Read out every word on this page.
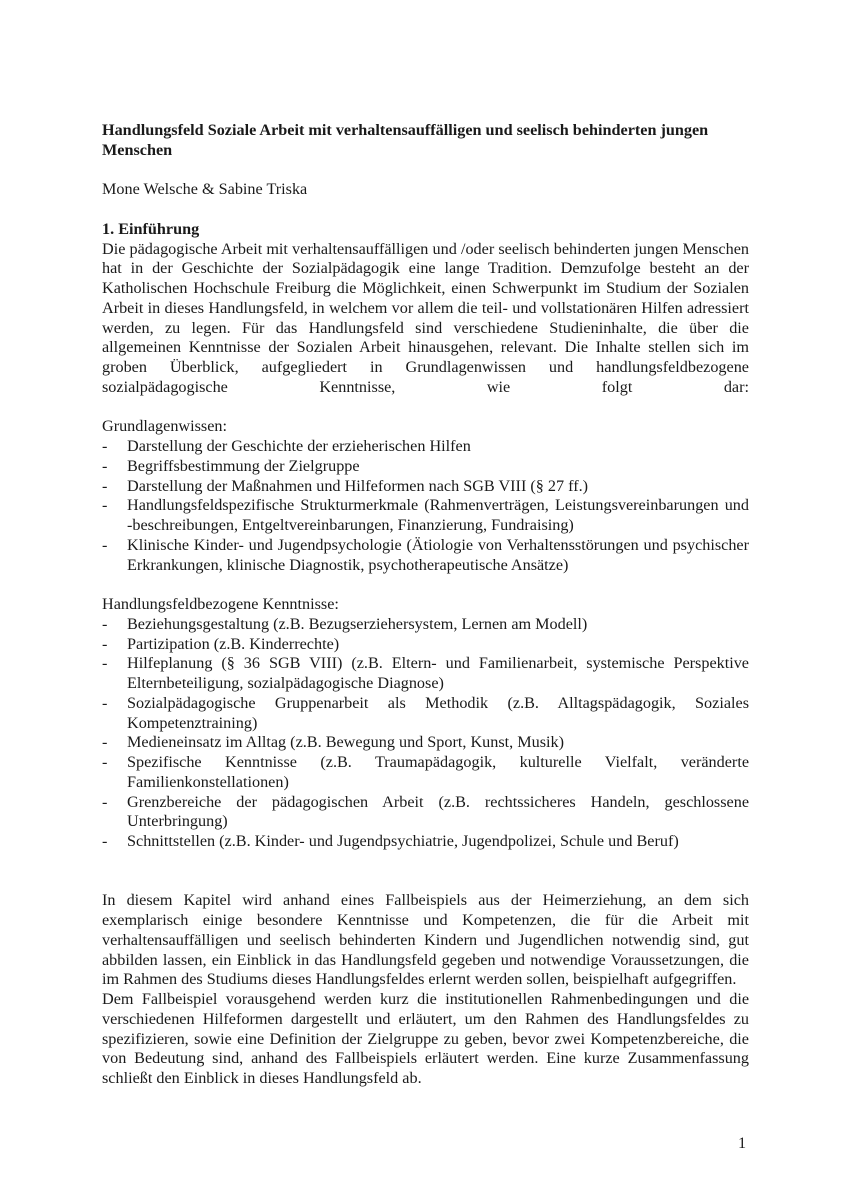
Handlungsfeld Soziale Arbeit mit verhaltensauffälligen und seelisch behinderten jungen Menschen

Mone Welsche & Sabine Triska

1. Einführung

Die pädagogische Arbeit mit verhaltensauffälligen und /oder seelisch behinderten jungen Menschen hat in der Geschichte der Sozialpädagogik eine lange Tradition. Demzufolge besteht an der Katholischen Hochschule Freiburg die Möglichkeit, einen Schwerpunkt im Studium der Sozialen Arbeit in dieses Handlungsfeld, in welchem vor allem die teil- und vollstationären Hilfen adressiert werden, zu legen. Für das Handlungsfeld sind verschiedene Studieninhalte, die über die allgemeinen Kenntnisse der Sozialen Arbeit hinausgehen, relevant. Die Inhalte stellen sich im groben Überblick, aufgegliedert in Grundlagenwissen und handlungsfeldbezogene sozialpädagogische Kenntnisse, wie folgt dar:

Grundlagenwissen:

- Darstellung der Geschichte der erzieherischen Hilfen
- Begriffsbestimmung der Zielgruppe
- Darstellung der Maßnahmen und Hilfeformen nach SGB VIII (§ 27 ff.)
- Handlungsfeldspezifische Strukturmerkmale (Rahmenverträgen, Leistungsvereinbarungen und -beschreibungen, Entgeltvereinbarungen, Finanzierung, Fundraising)
- Klinische Kinder- und Jugendpsychologie (Ätiologie von Verhaltensstörungen und psychischer Erkrankungen, klinische Diagnostik, psychotherapeutische Ansätze)

Handlungsfeldbezogene Kenntnisse:

- Beziehungsgestaltung (z.B. Bezugserziehersystem, Lernen am Modell)
- Partizipation (z.B. Kinderrechte)
- Hilfeplanung (§ 36 SGB VIII) (z.B. Eltern- und Familienarbeit, systemische Perspektive Elternbeteiligung, sozialpädagogische Diagnose)
- Sozialpädagogische Gruppenarbeit als Methodik (z.B. Alltagspädagogik, Soziales Kompetenztraining)
- Medieneinsatz im Alltag (z.B. Bewegung und Sport, Kunst, Musik)
- Spezifische Kenntnisse (z.B. Traumapädagogik, kulturelle Vielfalt, veränderte Familienkonstellationen)
- Grenzbereiche der pädagogischen Arbeit (z.B. rechtssicheres Handeln, geschlossene Unterbringung)
- Schnittstellen (z.B. Kinder- und Jugendpsychiatrie, Jugendpolizei, Schule und Beruf)

In diesem Kapitel wird anhand eines Fallbeispiels aus der Heimerziehung, an dem sich exemplarisch einige besondere Kenntnisse und Kompetenzen, die für die Arbeit mit verhaltensauffälligen und seelisch behinderten Kindern und Jugendlichen notwendig sind, gut abbilden lassen, ein Einblick in das Handlungsfeld gegeben und notwendige Voraussetzungen, die im Rahmen des Studiums dieses Handlungsfeldes erlernt werden sollen, beispielhaft aufgegriffen.

Dem Fallbeispiel vorausgehend werden kurz die institutionellen Rahmenbedingungen und die verschiedenen Hilfeformen dargestellt und erläutert, um den Rahmen des Handlungsfeldes zu spezifizieren, sowie eine Definition der Zielgruppe zu geben, bevor zwei Kompetenzbereiche, die von Bedeutung sind, anhand des Fallbeispiels erläutert werden. Eine kurze Zusammenfassung schließt den Einblick in dieses Handlungsfeld ab.

1
